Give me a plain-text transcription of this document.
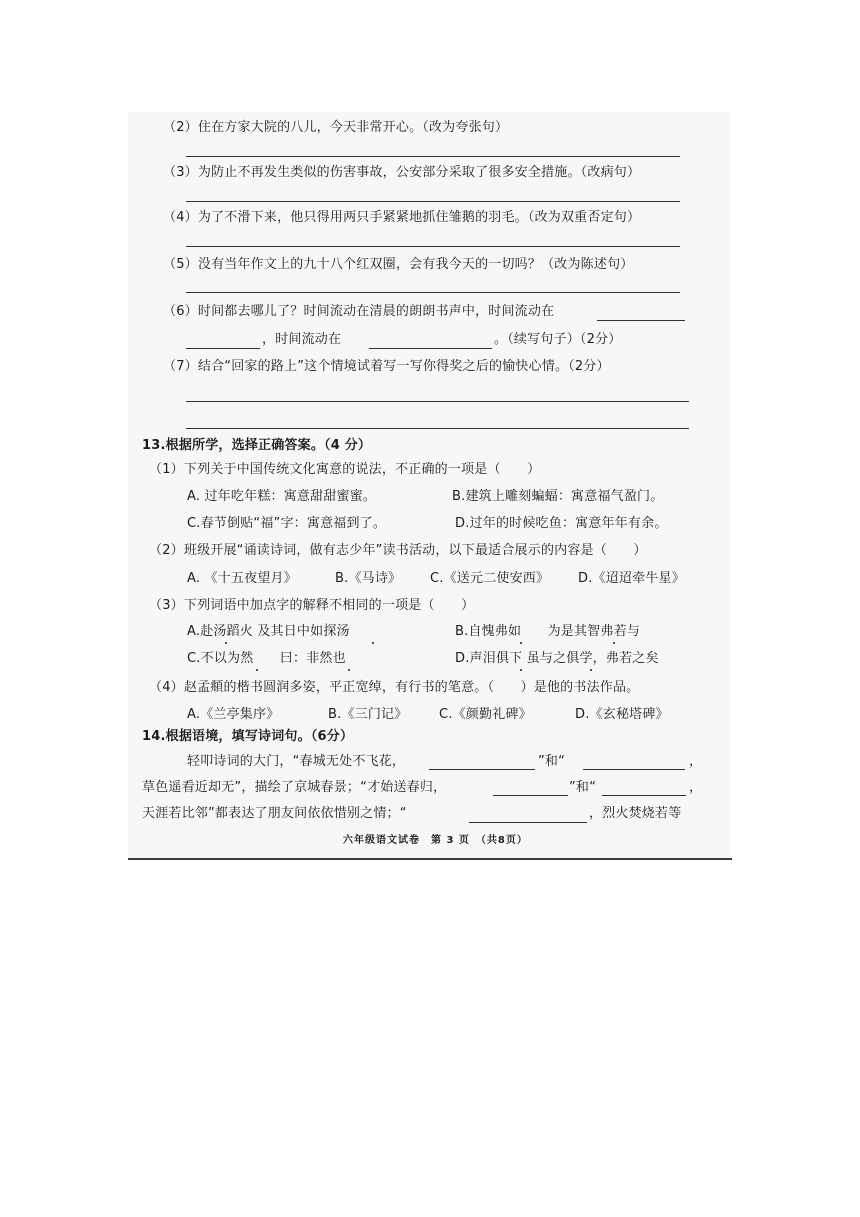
（2）住在方家大院的八儿，今天非常开心。（改为夸张句）
（3）为防止不再发生类似的伤害事故，公安部分采取了很多安全措施。（改病句）
（4）为了不滑下来，他只得用两只手紧紧地抓住雏鹅的羽毛。（改为双重否定句）
（5）没有当年作文上的九十八个红双圈，会有我今天的一切吗？（改为陈述句）
（6）时间都去哪儿了？时间流动在清晨的朗朗书声中，时间流动在
，时间流动在	。（续写句子）（2分）
（7）结合“回家的路上”这个情境试着写一写你得奖之后的愉快心情。（2分）
13.根据所学，选择正确答案。（4 分）
（1）下列关于中国传统文化寓意的说法，不正确的一项是（　　）
A. 过年吃年糕：寓意甜甜蜜蜜。	B.建筑上雕刻蝙蝠：寓意福气盈门。
C.春节倒贴“福”字：寓意福到了。	D.过年的时候吃鱼：寓意年年有余。
（2）班级开展“诵读诗词，做有志少年”读书活动，以下最适合展示的内容是（　　）
A. 《十五夜望月》	B.《马诗》 C.《送元二使安西》 D.《迢迢牵牛星》
（3）下列词语中加点字的解释不相同的一项是（　　）
A.赴汤蹈火 及其日中如探汤	B.自愧弗如　　为是其智弗若与
C.不以为然　　曰：非然也	D.声泪俱下 虽与之俱学，弗若之矣
（4）赵孟頫的楷书圆润多姿，平正宽绰，有行书的笔意。（　　）是他的书法作品。
A.《兰亭集序》	B.《三门记》 C.《颜勤礼碑》	D.《玄秘塔碑》
14.根据语境，填写诗词句。（6分）
轻叩诗词的大门，“春城无处不飞花，	”和“	，
草色遥看近却无”，描绘了京城春景；“才始送春归，	”和“	，
天涯若比邻”都表达了朋友间依依惜别之情；“	，烈火焚烧若等
六年级语文试卷　第 3 页　（共8页）
